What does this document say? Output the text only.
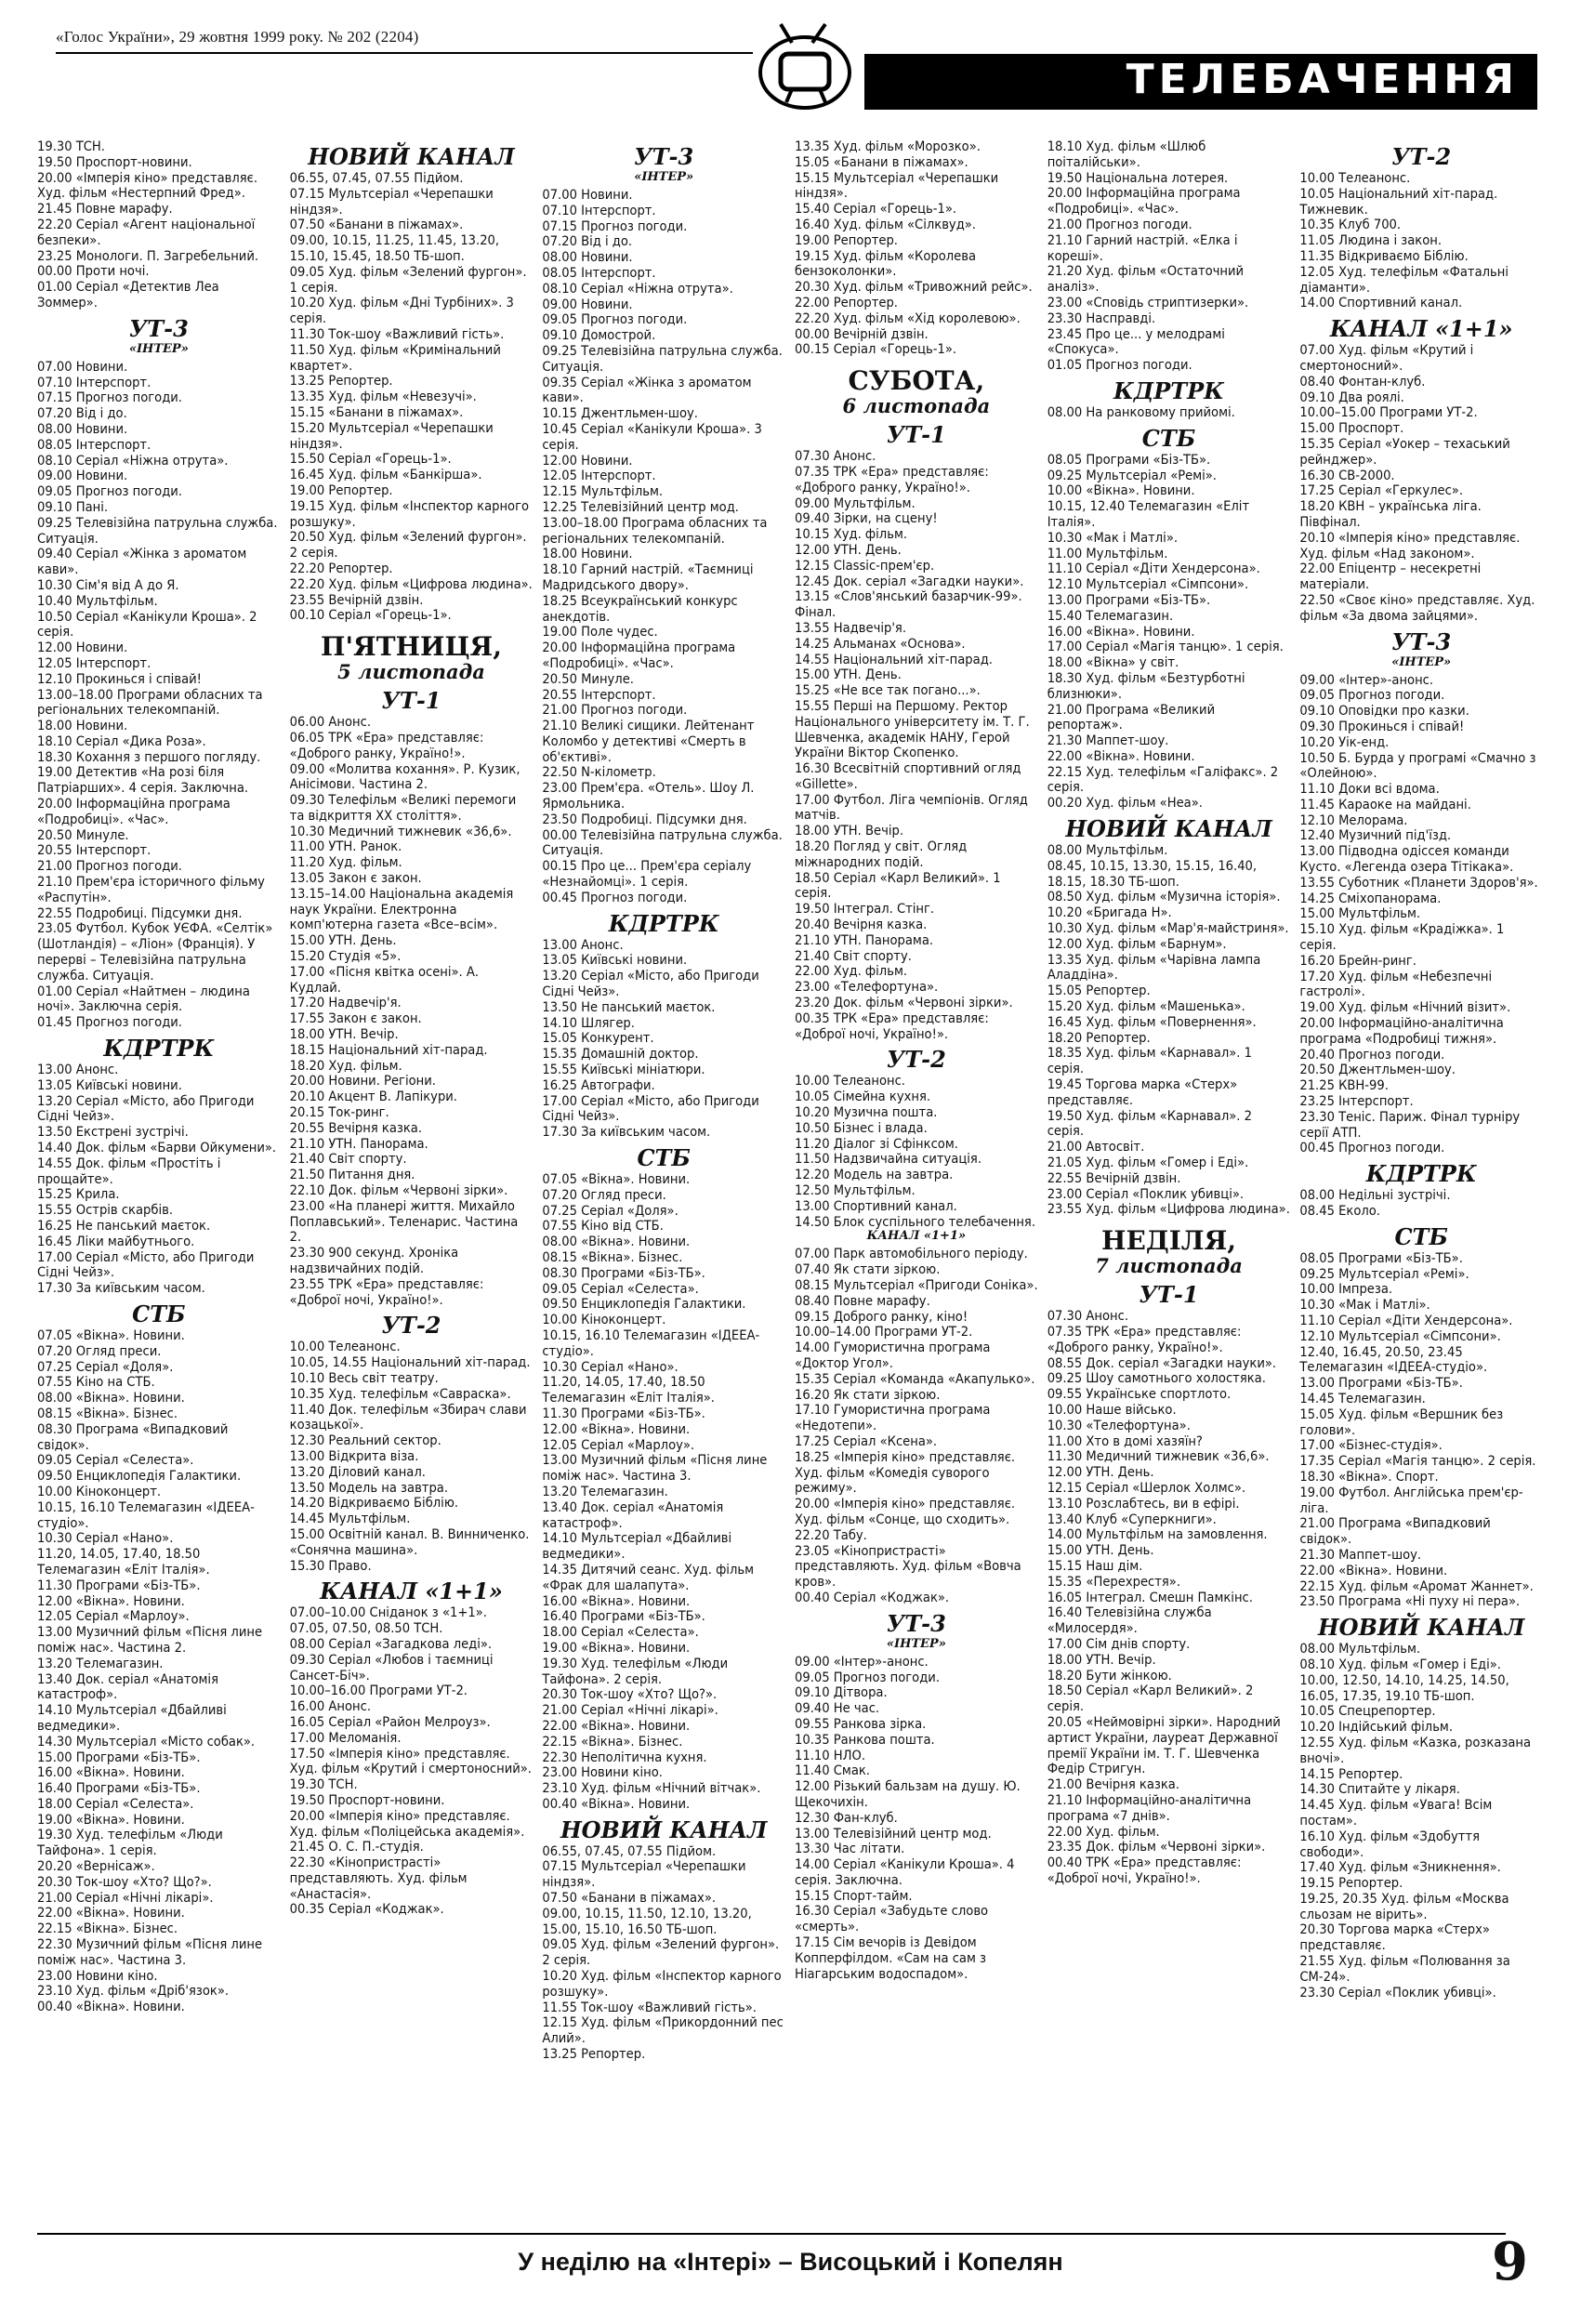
«Голос України», 29 жовтня 1999 року. № 202 (2204)
ТЕЛЕБАЧЕННЯ
19.30 ТСН.
19.50 Проспорт-новини.
20.00 «Імперія кіно» представляє. Худ. фільм «Нестерпний Фред».
21.45 Повне марафу.
22.20 Серіал «Агент національної безпеки».
23.25 Монологи. П. Загребельний.
00.00 Проти ночі.
01.00 Серіал «Детектив Леа Зоммер».
УТ-3
«ІНТЕР»
07.00 Новини.
07.10 Інтерспорт.
07.15 Прогноз погоди.
07.20 Від і до.
08.00 Новини.
08.05 Інтерспорт.
08.10 Серіал «Ніжна отрута».
09.00 Новини.
09.05 Прогноз погоди.
09.10 Пані.
09.25 Телевізійна патрульна служба. Ситуація.
09.40 Серіал «Жінка з ароматом кави».
10.30 Сім'я від А до Я.
10.40 Мультфільм.
10.50 Серіал «Канікули Кроша». 2 серія.
12.00 Новини.
12.05 Інтерспорт.
12.10 Прокинься і співай!
13.00–18.00 Програми обласних та регіональних телекомпаній.
18.00 Новини.
18.10 Серіал «Дика Роза».
18.30 Кохання з першого погляду.
19.00 Детектив «На розі біля Патріарших». 4 серія. Заключна.
20.00 Інформаційна програма «Подробиці». «Час».
20.50 Минуле.
20.55 Інтерспорт.
21.00 Прогноз погоди.
21.10 Прем'єра історичного фільму «Распутін».
22.55 Подробиці. Підсумки дня.
23.05 Футбол. Кубок УЄФА. «Селтік» (Шотландія) – «Ліон» (Франція). У перерві – Телевізійна патрульна служба. Ситуація.
01.00 Серіал «Найтмен – людина ночі». Заключна серія.
01.45 Прогноз погоди.
КДРТРК
13.00 Анонс.
13.05 Київські новини.
13.20 Серіал «Місто, або Пригоди Сідні Чейз».
13.50 Екстрені зустрічі.
14.40 Док. фільм «Барви Ойкумени».
14.55 Док. фільм «Простіть і прощайте».
15.25 Крила.
15.55 Острів скарбів.
16.25 Не панський маєток.
16.45 Ліки майбутнього.
17.00 Серіал «Місто, або Пригоди Сідні Чейз».
17.30 За київським часом.
СТБ
07.05 «Вікна». Новини.
07.20 Огляд преси.
07.25 Серіал «Доля».
07.55 Кіно на СТБ.
08.00 «Вікна». Новини.
08.15 «Вікна». Бізнес.
08.30 Програма «Випадковий свідок».
09.05 Серіал «Селеста».
09.50 Енциклопедія Галактики.
10.00 Кіноконцерт.
10.15, 16.10 Телемагазин «ІДЕЕА-студіо».
10.30 Серіал «Нано».
11.20, 14.05, 17.40, 18.50 Телемагазин «Еліт Італія».
11.30 Програми «Біз-ТБ».
12.00 «Вікна». Новини.
12.05 Серіал «Марлоу».
13.00 Музичний фільм «Пісня лине поміж нас». Частина 2.
13.20 Телемагазин.
13.40 Док. серіал «Анатомія катастроф».
14.10 Мультсеріал «Дбайливі ведмедики».
14.30 Мультсеріал «Місто собак».
15.00 Програми «Біз-ТБ».
16.00 «Вікна». Новини.
16.40 Програми «Біз-ТБ».
18.00 Серіал «Селеста».
19.00 «Вікна». Новини.
19.30 Худ. телефільм «Люди Тайфона». 1 серія.
20.20 «Вернісаж».
20.30 Ток-шоу «Хто? Що?».
21.00 Серіал «Нічні лікарі».
22.00 «Вікна». Новини.
22.15 «Вікна». Бізнес.
22.30 Музичний фільм «Пісня лине поміж нас». Частина 3.
23.00 Новини кіно.
23.10 Худ. фільм «Дріб'язок».
00.40 «Вікна». Новини.
НОВИЙ КАНАЛ
06.55, 07.45, 07.55 Підйом.
07.15 Мультсеріал «Черепашки ніндзя».
07.50 «Банани в піжамах».
09.00, 10.15, 11.25, 11.45, 13.20, 15.10, 15.45, 18.50 ТБ-шоп.
09.05 Худ. фільм «Зелений фургон». 1 серія.
10.20 Худ. фільм «Дні Турбіних». 3 серія.
11.30 Ток-шоу «Важливий гість».
11.50 Худ. фільм «Кримінальний квартет».
13.25 Репортер.
13.35 Худ. фільм «Невезучі».
15.15 «Банани в піжамах».
15.20 Мультсеріал «Черепашки ніндзя».
15.50 Серіал «Горець-1».
16.45 Худ. фільм «Банкірша».
19.00 Репортер.
19.15 Худ. фільм «Інспектор карного розшуку».
20.50 Худ. фільм «Зелений фургон». 2 серія.
22.20 Репортер.
22.20 Худ. фільм «Цифрова людина».
23.55 Вечірній дзвін.
00.10 Серіал «Горець-1».
П'ЯТНИЦЯ,
5 листопада
УТ-1
06.00 Анонс.
06.05 ТРК «Ера» представляє: «Доброго ранку, Україно!».
09.00 «Молитва кохання». Р. Кузик, Анісімови. Частина 2.
09.30 Телефільм «Великі перемоги та відкриття XX століття».
10.30 Медичний тижневик «36,6».
11.00 УТН. Ранок.
11.20 Худ. фільм.
13.05 Закон є закон.
13.15–14.00 Національна академія наук України. Електронна комп'ютерна газета «Все–всім».
15.00 УТН. День.
15.20 Студія «5».
17.00 «Пісня квітка осені». А. Кудлай.
17.20 Надвечір'я.
17.55 Закон є закон.
18.00 УТН. Вечір.
18.15 Національний хіт-парад.
18.20 Худ. фільм.
20.00 Новини. Регіони.
20.10 Акцент В. Лапікури.
20.15 Ток-ринг.
20.55 Вечірня казка.
21.10 УТН. Панорама.
21.40 Світ спорту.
21.50 Питання дня.
22.10 Док. фільм «Червоні зірки».
23.00 «На планері життя. Михайло Поплавський». Теленарис. Частина 2.
23.30 900 секунд. Хроніка надзвичайних подій.
23.55 ТРК «Ера» представляє: «Доброї ночі, Україно!».
УТ-2
10.00 Телеанонс.
10.05, 14.55 Національний хіт-парад.
10.10 Весь світ театру.
10.35 Худ. телефільм «Савраска».
11.40 Док. телефільм «Збирач слави козацької».
12.30 Реальний сектор.
13.00 Відкрита віза.
13.20 Діловий канал.
13.50 Модель на завтра.
14.20 Відкриваємо Біблію.
14.45 Мультфільм.
15.00 Освітній канал. В. Винниченко. «Сонячна машина».
15.30 Право.
КАНАЛ «1+1»
07.00–10.00 Сніданок з «1+1».
07.05, 07.50, 08.50 ТСН.
08.00 Серіал «Загадкова леді».
09.30 Серіал «Любов і таємниці Сансет-Біч».
10.00–16.00 Програми УТ-2.
16.00 Анонс.
16.05 Серіал «Район Мелроуз».
17.00 Меломанія.
17.50 «Імперія кіно» представляє. Худ. фільм «Крутий і смертоносний».
19.30 ТСН.
19.50 Проспорт-новини.
20.00 «Імперія кіно» представляє. Худ. фільм «Поліцейська академія».
21.45 О. С. П.-студія.
22.30 «Кінопристрасті» представляють. Худ. фільм «Анастасія».
00.35 Серіал «Коджак».
УТ-3
«ІНТЕР»
07.00 Новини.
07.10 Інтерспорт.
07.15 Прогноз погоди.
07.20 Від і до.
08.00 Новини.
08.05 Інтерспорт.
08.10 Серіал «Ніжна отрута».
09.00 Новини.
09.05 Прогноз погоди.
09.10 Домострой.
09.25 Телевізійна патрульна служба. Ситуація.
09.35 Серіал «Жінка з ароматом кави».
10.15 Джентльмен-шоу.
10.45 Серіал «Канікули Кроша». 3 серія.
12.00 Новини.
12.05 Інтерспорт.
12.15 Мультфільм.
12.25 Телевізійний центр мод.
13.00–18.00 Програма обласних та регіональних телекомпаній.
18.00 Новини.
18.10 Гарний настрій. «Таємниці Мадридського двору».
18.25 Всеукраїнський конкурс анекдотів.
19.00 Поле чудес.
20.00 Інформаційна програма «Подробиці». «Час».
20.50 Минуле.
20.55 Інтерспорт.
21.00 Прогноз погоди.
21.10 Великі сищики. Лейтенант Коломбо у детективі «Смерть в об'єктиві».
22.50 N-кілометр.
23.00 Прем'єра. «Отель». Шоу Л. Ярмольника.
23.50 Подробиці. Підсумки дня.
00.00 Телевізійна патрульна служба. Ситуація.
00.15 Про це... Прем'єра серіалу «Незнайомці». 1 серія.
00.45 Прогноз погоди.
КДРТРК
13.00 Анонс.
13.05 Київські новини.
13.20 Серіал «Місто, або Пригоди Сідні Чейз».
13.50 Не панський маєток.
14.10 Шлягер.
15.05 Конкурент.
15.35 Домашній доктор.
15.55 Київські мініатюри.
16.25 Автографи.
17.00 Серіал «Місто, або Пригоди Сідні Чейз».
17.30 За київським часом.
СТБ
07.05 «Вікна». Новини.
07.20 Огляд преси.
07.25 Серіал «Доля».
07.55 Кіно від СТБ.
08.00 «Вікна». Новини.
08.15 «Вікна». Бізнес.
08.30 Програми «Біз-ТБ».
09.05 Серіал «Селеста».
09.50 Енциклопедія Галактики.
10.00 Кіноконцерт.
10.15, 16.10 Телемагазин «ІДЕЕА-студіо».
10.30 Серіал «Нано».
11.20, 14.05, 17.40, 18.50 Телемагазин «Еліт Італія».
11.30 Програми «Біз-ТБ».
12.00 «Вікна». Новини.
12.05 Серіал «Марлоу».
13.00 Музичний фільм «Пісня лине поміж нас». Частина 3.
13.20 Телемагазин.
13.40 Док. серіал «Анатомія катастроф».
14.10 Мультсеріал «Дбайливі ведмедики».
14.35 Дитячий сеанс. Худ. фільм «Фрак для шалапута».
16.00 «Вікна». Новини.
16.40 Програми «Біз-ТБ».
18.00 Серіал «Селеста».
19.00 «Вікна». Новини.
19.30 Худ. телефільм «Люди Тайфона». 2 серія.
20.30 Ток-шоу «Хто? Що?».
21.00 Серіал «Нічні лікарі».
22.00 «Вікна». Новини.
22.15 «Вікна». Бізнес.
22.30 Неполітична кухня.
23.00 Новини кіно.
23.10 Худ. фільм «Нічний вітчак».
00.40 «Вікна». Новини.
НОВИЙ КАНАЛ
06.55, 07.45, 07.55 Підйом.
07.15 Мультсеріал «Черепашки ніндзя».
07.50 «Банани в піжамах».
09.00, 10.15, 11.50, 12.10, 13.20, 15.00, 15.10, 16.50 ТБ-шоп.
09.05 Худ. фільм «Зелений фургон». 2 серія.
10.20 Худ. фільм «Інспектор карного розшуку».
11.55 Ток-шоу «Важливий гість».
12.15 Худ. фільм «Прикордонний пес Алий».
13.25 Репортер.
13.35 Худ. фільм «Морозко».
15.05 «Банани в піжамах».
15.15 Мультсеріал «Черепашки ніндзя».
15.40 Серіал «Горець-1».
16.40 Худ. фільм «Сілквуд».
19.00 Репортер.
19.15 Худ. фільм «Королева бензоколонки».
20.30 Худ. фільм «Тривожний рейс».
22.00 Репортер.
22.20 Худ. фільм «Хід королевою».
00.00 Вечірній дзвін.
00.15 Серіал «Горець-1».
СУБОТА,
6 листопада
УТ-1
07.30 Анонс.
07.35 ТРК «Ера» представляє: «Доброго ранку, Україно!».
09.00 Мультфільм.
09.40 Зірки, на сцену!
10.15 Худ. фільм.
12.00 УТН. День.
12.15 Classic-прем'єр.
12.45 Док. серіал «Загадки науки».
13.15 «Слов'янський базарчик-99». Фінал.
13.55 Надвечір'я.
14.25 Альманах «Основа».
14.55 Національний хіт-парад.
15.00 УТН. День.
15.25 «Не все так погано...».
15.55 Перші на Першому. Ректор Національного університету ім. Т. Г. Шевченка, академік НАНУ, Герой України Віктор Скопенко.
16.30 Всесвітній спортивний огляд «Gillette».
17.00 Футбол. Ліга чемпіонів. Огляд матчів.
18.00 УТН. Вечір.
18.20 Погляд у світ. Огляд міжнародних подій.
18.50 Серіал «Карл Великий». 1 серія.
19.50 Інтеграл. Стінг.
20.40 Вечірня казка.
21.10 УТН. Панорама.
21.40 Світ спорту.
22.00 Худ. фільм.
23.00 «Телефортуна».
23.20 Док. фільм «Червоні зірки».
00.35 ТРК «Ера» представляє: «Доброї ночі, Україно!».
УТ-2
10.00 Телеанонс.
10.05 Сімейна кухня.
10.20 Музична пошта.
10.50 Бізнес і влада.
11.20 Діалог зі Сфінксом.
11.50 Надзвичайна ситуація.
12.20 Модель на завтра.
12.50 Мультфільм.
13.00 Спортивний канал.
14.50 Блок суспільного телебачення.
КАНАЛ «1+1»
07.00 Парк автомобільного періоду.
07.40 Як стати зіркою.
08.15 Мультсеріал «Пригоди Соніка».
08.40 Повне марафу.
09.15 Доброго ранку, кіно!
10.00–14.00 Програми УТ-2.
14.00 Гумористична програма «Доктор Угол».
15.35 Серіал «Команда «Акапулько».
16.20 Як стати зіркою.
17.10 Гумористична програма «Недотепи».
17.25 Серіал «Ксена».
18.25 «Імперія кіно» представляє. Худ. фільм «Комедія суворого режиму».
20.00 «Імперія кіно» представляє. Худ. фільм «Сонце, що сходить».
22.20 Табу.
23.05 «Кінопристрасті» представляють. Худ. фільм «Вовча кров».
00.40 Серіал «Коджак».
УТ-3
«ІНТЕР»
09.00 «Інтер»-анонс.
09.05 Прогноз погоди.
09.10 Дітвора.
09.40 Не час.
09.55 Ранкова зірка.
10.35 Ранкова пошта.
11.10 НЛО.
11.40 Смак.
12.00 Різький бальзам на душу. Ю. Щекочихін.
12.30 Фан-клуб.
13.00 Телевізійний центр мод.
13.30 Час літати.
14.00 Серіал «Канікули Кроша». 4 серія. Заключна.
15.15 Спорт-тайм.
16.30 Серіал «Забудьте слово «смерть».
17.15 Сім вечорів із Девідом Копперфілдом. «Сам на сам з Ніагарським водоспадом».
18.10 Худ. фільм «Шлюб поіталійськи».
19.50 Національна лотерея.
20.00 Інформаційна програма «Подробиці». «Час».
21.00 Прогноз погоди.
21.10 Гарний настрій. «Елка і кореші».
21.20 Худ. фільм «Остаточний аналіз».
23.00 «Сповідь стриптизерки».
23.30 Насправді.
23.45 Про це... у мелодрамі «Спокуса».
01.05 Прогноз погоди.
КДРТРК
08.00 На ранковому прийомі.
СТБ
08.05 Програми «Біз-ТБ».
09.25 Мультсеріал «Ремі».
10.00 «Вікна». Новини.
10.15, 12.40 Телемагазин «Еліт Італія».
10.30 «Мак і Матлі».
11.00 Мультфільм.
11.10 Серіал «Діти Хендерсона».
12.10 Мультсеріал «Сімпсони».
13.00 Програми «Біз-ТБ».
15.40 Телемагазин.
16.00 «Вікна». Новини.
17.00 Серіал «Магія танцю». 1 серія.
18.00 «Вікна» у світ.
18.30 Худ. фільм «Безтурботні близнюки».
21.00 Програма «Великий репортаж».
21.30 Маппет-шоу.
22.00 «Вікна». Новини.
22.15 Худ. телефільм «Галіфакс». 2 серія.
00.20 Худ. фільм «Неа».
НОВИЙ КАНАЛ
08.00 Мультфільм.
08.45, 10.15, 13.30, 15.15, 16.40, 18.15, 18.30 ТБ-шоп.
08.50 Худ. фільм «Музична історія».
10.20 «Бригада Н».
10.30 Худ. фільм «Мар'я-майстриня».
12.00 Худ. фільм «Барнум».
13.35 Худ. фільм «Чарівна лампа Аладдіна».
15.05 Репортер.
15.20 Худ. фільм «Машенька».
16.45 Худ. фільм «Повернення».
18.20 Репортер.
18.35 Худ. фільм «Карнавал». 1 серія.
19.45 Торгова марка «Стерх» представляє.
19.50 Худ. фільм «Карнавал». 2 серія.
21.00 Автосвіт.
21.05 Худ. фільм «Гомер і Еді».
22.55 Вечірній дзвін.
23.00 Серіал «Поклик убивці».
23.55 Худ. фільм «Цифрова людина».
НЕДІЛЯ,
7 листопада
УТ-1
07.30 Анонс.
07.35 ТРК «Ера» представляє: «Доброго ранку, Україно!».
08.55 Док. серіал «Загадки науки».
09.25 Шоу самотнього холостяка.
09.55 Українське спортлото.
10.00 Наше військо.
10.30 «Телефортуна».
11.00 Хто в домі хазяїн?
11.30 Медичний тижневик «36,6».
12.00 УТН. День.
12.15 Серіал «Шерлок Холмс».
13.10 Розслабтесь, ви в ефірі.
13.40 Клуб «Суперкниги».
14.00 Мультфільм на замовлення.
15.00 УТН. День.
15.15 Наш дім.
15.35 «Перехрестя».
16.05 Інтеграл. Смешн Памкінс.
16.40 Телевізійна служба «Милосердя».
17.00 Сім днів спорту.
18.00 УТН. Вечір.
18.20 Бути жінкою.
18.50 Серіал «Карл Великий». 2 серія.
20.05 «Неймовірні зірки». Народний артист України, лауреат Державної премії України ім. Т. Г. Шевченка Федір Стригун.
21.00 Вечірня казка.
21.10 Інформаційно-аналітична програма «7 днів».
22.00 Худ. фільм.
23.35 Док. фільм «Червоні зірки».
00.40 ТРК «Ера» представляє: «Доброї ночі, Україно!».
УТ-2
10.00 Телеанонс.
10.05 Національний хіт-парад. Тижневик.
10.35 Клуб 700.
11.05 Людина і закон.
11.35 Відкриваємо Біблію.
12.05 Худ. телефільм «Фатальні діаманти».
14.00 Спортивний канал.
КАНАЛ «1+1»
07.00 Худ. фільм «Крутий і смертоносний».
08.40 Фонтан-клуб.
09.10 Два роялі.
10.00–15.00 Програми УТ-2.
15.00 Проспорт.
15.35 Серіал «Уокер – техаський рейнджер».
16.30 СВ-2000.
17.25 Серіал «Геркулес».
18.20 КВН – українська ліга. Півфінал.
20.10 «Імперія кіно» представляє. Худ. фільм «Над законом».
22.00 Епіцентр – несекретні матеріали.
22.50 «Своє кіно» представляє. Худ. фільм «За двома зайцями».
УТ-3
«ІНТЕР»
09.00 «Інтер»-анонс.
09.05 Прогноз погоди.
09.10 Оповідки про казки.
09.30 Прокинься і співай!
10.20 Уік-енд.
10.50 Б. Бурда у програмі «Смачно з «Олейною».
11.10 Доки всі вдома.
11.45 Караоке на майдані.
12.10 Мелорама.
12.40 Музичний під'їзд.
13.00 Підводна одіссея команди Кусто. «Легенда озера Тітікака».
13.55 Суботник «Планети Здоров'я».
14.25 Сміхопанорама.
15.00 Мультфільм.
15.10 Худ. фільм «Крадіжка». 1 серія.
16.20 Брейн-ринг.
17.20 Худ. фільм «Небезпечні гастролі».
19.00 Худ. фільм «Нічний візит».
20.00 Інформаційно-аналітична програма «Подробиці тижня».
20.40 Прогноз погоди.
20.50 Джентльмен-шоу.
21.25 КВН-99.
23.25 Інтерспорт.
23.30 Теніс. Париж. Фінал турніру серії АТП.
00.45 Прогноз погоди.
КДРТРК
08.00 Недільні зустрічі.
08.45 Еколо.
СТБ
08.05 Програми «Біз-ТБ».
09.25 Мультсеріал «Ремі».
10.00 Імпреза.
10.30 «Мак і Матлі».
11.10 Серіал «Діти Хендерсона».
12.10 Мультсеріал «Сімпсони».
12.40, 16.45, 20.50, 23.45 Телемагазин «ІДЕЕА-студіо».
13.00 Програми «Біз-ТБ».
14.45 Телемагазин.
15.05 Худ. фільм «Вершник без голови».
17.00 «Бізнес-студія».
17.35 Серіал «Магія танцю». 2 серія.
18.30 «Вікна». Спорт.
19.00 Футбол. Англійська прем'єр-ліга.
21.00 Програма «Випадковий свідок».
21.30 Маппет-шоу.
22.00 «Вікна». Новини.
22.15 Худ. фільм «Аромат Жаннет».
23.50 Програма «Ні пуху ні пера».
НОВИЙ КАНАЛ
08.00 Мультфільм.
08.10 Худ. фільм «Гомер і Еді».
10.00, 12.50, 14.10, 14.25, 14.50, 16.05, 17.35, 19.10 ТБ-шоп.
10.05 Спецрепортер.
10.20 Індійський фільм.
12.55 Худ. фільм «Казка, розказана вночі».
14.15 Репортер.
14.30 Спитайте у лікаря.
14.45 Худ. фільм «Увага! Всім постам».
16.10 Худ. фільм «Здобуття свободи».
17.40 Худ. фільм «Зникнення».
19.15 Репортер.
19.25, 20.35 Худ. фільм «Москва сльозам не вірить».
20.30 Торгова марка «Стерх» представляє.
21.55 Худ. фільм «Полювання за СМ-24».
23.30 Серіал «Поклик убивці».
У неділю на «Інтері» – Висоцький і Копелян	9
